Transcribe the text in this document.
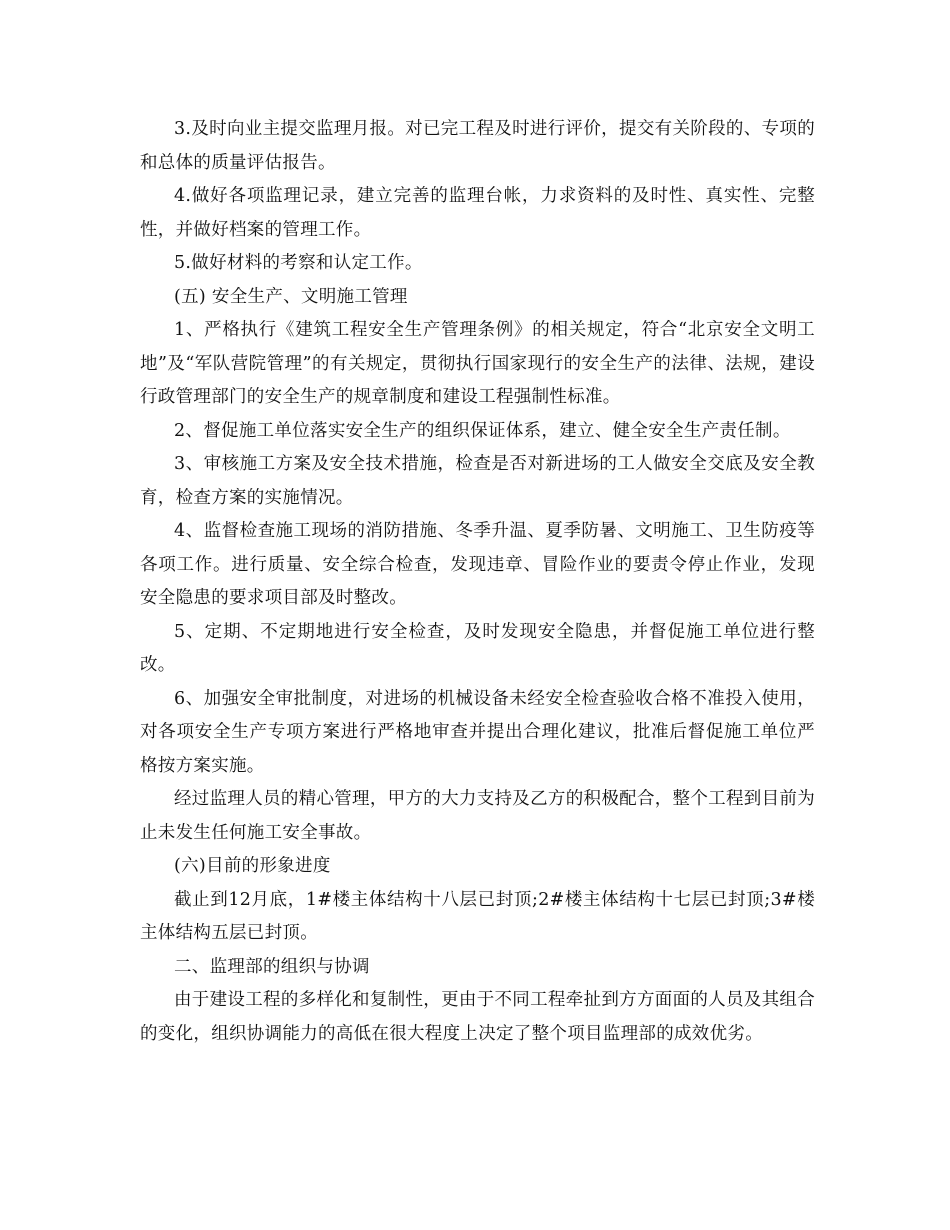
3.及时向业主提交监理月报。对已完工程及时进行评价，提交有关阶段的、专项的和总体的质量评估报告。

4.做好各项监理记录，建立完善的监理台帐，力求资料的及时性、真实性、完整性，并做好档案的管理工作。

5.做好材料的考察和认定工作。

(五) 安全生产、文明施工管理

1、严格执行《建筑工程安全生产管理条例》的相关规定，符合“北京安全文明工地”及“军队营院管理”的有关规定，贯彻执行国家现行的安全生产的法律、法规，建设行政管理部门的安全生产的规章制度和建设工程强制性标准。

2、督促施工单位落实安全生产的组织保证体系，建立、健全安全生产责任制。

3、审核施工方案及安全技术措施，检查是否对新进场的工人做安全交底及安全教育，检查方案的实施情况。

4、监督检查施工现场的消防措施、冬季升温、夏季防暑、文明施工、卫生防疫等各项工作。进行质量、安全综合检查，发现违章、冒险作业的要责令停止作业，发现安全隐患的要求项目部及时整改。

5、定期、不定期地进行安全检查，及时发现安全隐患，并督促施工单位进行整改。

6、加强安全审批制度，对进场的机械设备未经安全检查验收合格不准投入使用，对各项安全生产专项方案进行严格地审查并提出合理化建议，批准后督促施工单位严格按方案实施。

经过监理人员的精心管理，甲方的大力支持及乙方的积极配合，整个工程到目前为止未发生任何施工安全事故。

(六)目前的形象进度

截止到12月底，1#楼主体结构十八层已封顶;2#楼主体结构十七层已封顶;3#楼主体结构五层已封顶。

二、监理部的组织与协调

由于建设工程的多样化和复制性，更由于不同工程牵扯到方方面面的人员及其组合的变化，组织协调能力的高低在很大程度上决定了整个项目监理部的成效优劣。
